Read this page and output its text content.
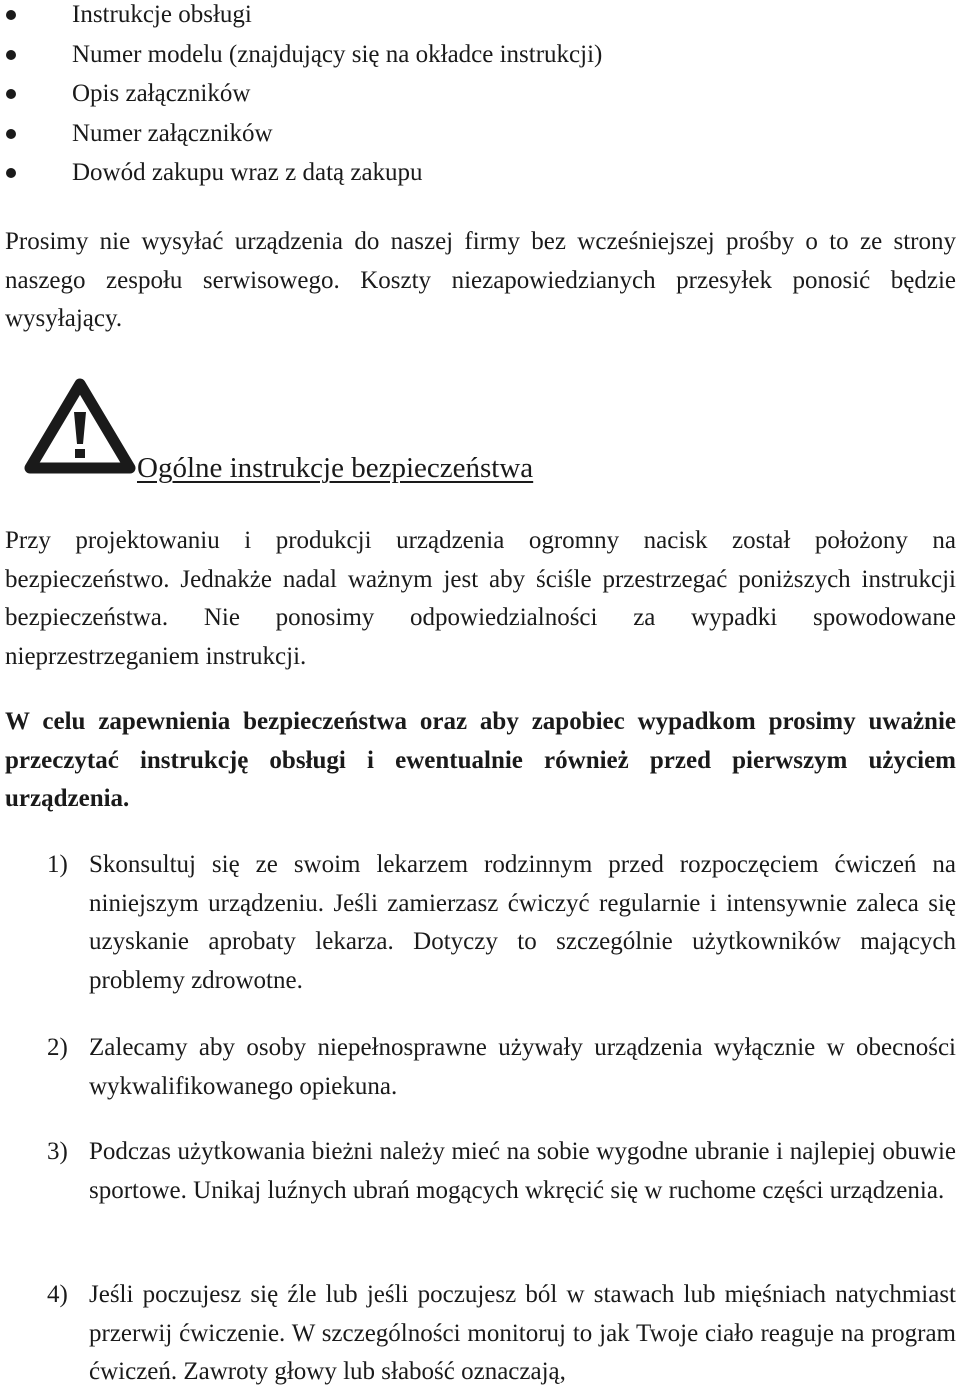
Instrukcje obsługi
Numer modelu (znajdujący się na okładce instrukcji)
Opis załączników
Numer załączników
Dowód zakupu wraz z datą zakupu

Prosimy nie wysyłać urządzenia do naszej firmy bez wcześniejszej prośby o to ze strony naszego zespołu serwisowego. Koszty niezapowiedzianych przesyłek ponosić będzie wysyłający.

Ogólne instrukcje bezpieczeństwa

Przy projektowaniu i produkcji urządzenia ogromny nacisk został położony na bezpieczeństwo. Jednakże nadal ważnym jest aby ściśle przestrzegać poniższych instrukcji bezpieczeństwa. Nie ponosimy odpowiedzialności za wypadki spowodowane nieprzestrzeganiem instrukcji.

W celu zapewnienia bezpieczeństwa oraz aby zapobiec wypadkom prosimy uważnie przeczytać instrukcję obsługi i ewentualnie również przed pierwszym użyciem urządzenia.

1) Skonsultuj się ze swoim lekarzem rodzinnym przed rozpoczęciem ćwiczeń na niniejszym urządzeniu. Jeśli zamierzasz ćwiczyć regularnie i intensywnie zaleca się uzyskanie aprobaty lekarza. Dotyczy to szczególnie użytkowników mających problemy zdrowotne.

2) Zalecamy aby osoby niepełnosprawne używały urządzenia wyłącznie w obecności wykwalifikowanego opiekuna.

3) Podczas użytkowania bieżni należy mieć na sobie wygodne ubranie i najlepiej obuwie sportowe. Unikaj luźnych ubrań mogących wkręcić się w ruchome części urządzenia.

4) Jeśli poczujesz się źle lub jeśli poczujesz ból w stawach lub mięśniach natychmiast przerwij ćwiczenie. W szczególności monitoruj to jak Twoje ciało reaguje na program ćwiczeń. Zawroty głowy lub słabość oznaczają,
